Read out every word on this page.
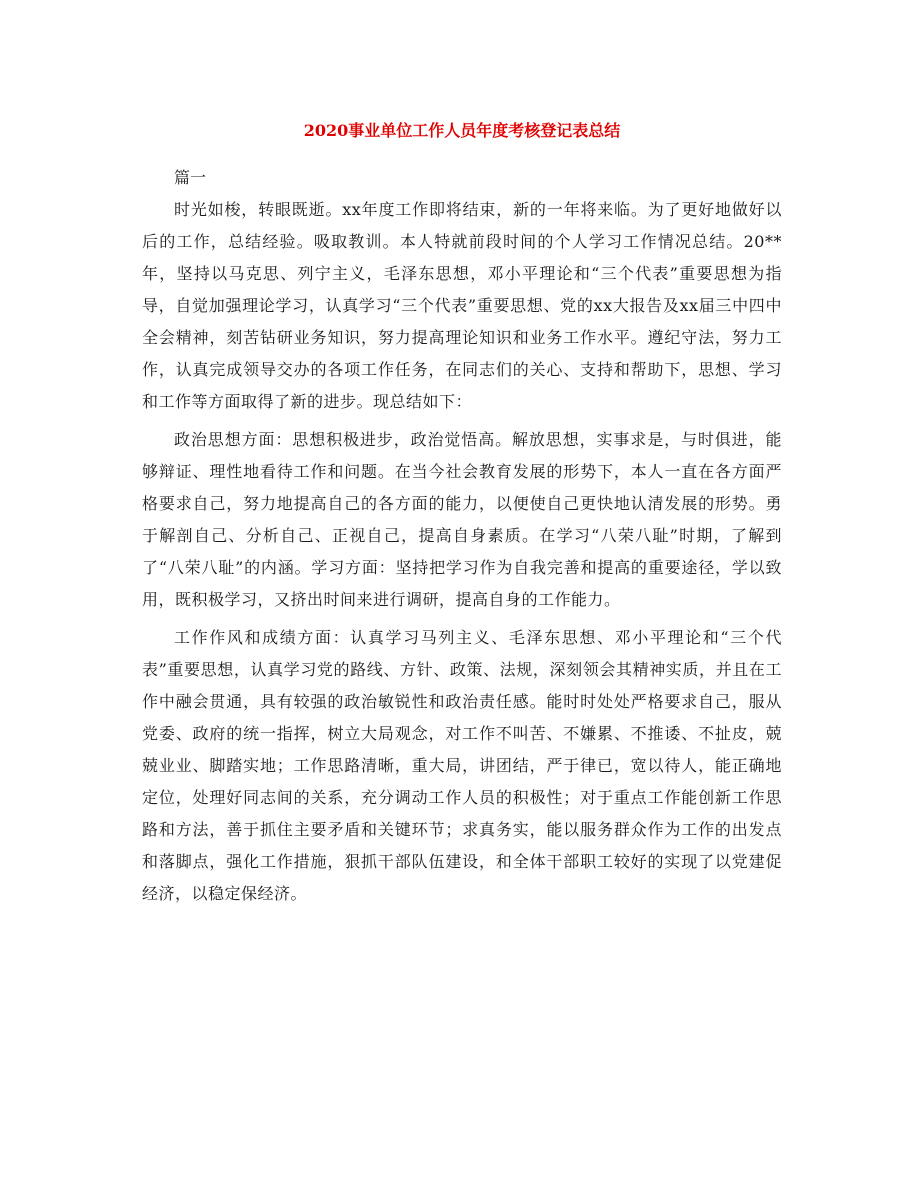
2020事业单位工作人员年度考核登记表总结

篇一

时光如梭，转眼既逝。xx年度工作即将结束，新的一年将来临。为了更好地做好以后的工作，总结经验。吸取教训。本人特就前段时间的个人学习工作情况总结。20**年，坚持以马克思、列宁主义，毛泽东思想，邓小平理论和“三个代表”重要思想为指导，自觉加强理论学习，认真学习“三个代表”重要思想、党的xx大报告及xx届三中四中全会精神，刻苦钻研业务知识，努力提高理论知识和业务工作水平。遵纪守法，努力工作，认真完成领导交办的各项工作任务，在同志们的关心、支持和帮助下，思想、学习和工作等方面取得了新的进步。现总结如下：

政治思想方面：思想积极进步，政治觉悟高。解放思想，实事求是，与时俱进，能够辩证、理性地看待工作和问题。在当今社会教育发展的形势下，本人一直在各方面严格要求自己，努力地提高自己的各方面的能力，以便使自己更快地认清发展的形势。勇于解剖自己、分析自己、正视自己，提高自身素质。在学习“八荣八耻”时期，了解到了“八荣八耻”的内涵。学习方面：坚持把学习作为自我完善和提高的重要途径，学以致用，既积极学习，又挤出时间来进行调研，提高自身的工作能力。

工作作风和成绩方面：认真学习马列主义、毛泽东思想、邓小平理论和“三个代表”重要思想，认真学习党的路线、方针、政策、法规，深刻领会其精神实质，并且在工作中融会贯通，具有较强的政治敏锐性和政治责任感。能时时处处严格要求自己，服从党委、政府的统一指挥，树立大局观念，对工作不叫苦、不嫌累、不推诿、不扯皮，兢兢业业、脚踏实地；工作思路清晰，重大局，讲团结，严于律已，宽以待人，能正确地定位，处理好同志间的关系，充分调动工作人员的积极性；对于重点工作能创新工作思路和方法，善于抓住主要矛盾和关键环节；求真务实，能以服务群众作为工作的出发点和落脚点，强化工作措施，狠抓干部队伍建设，和全体干部职工较好的实现了以党建促经济，以稳定保经济。
